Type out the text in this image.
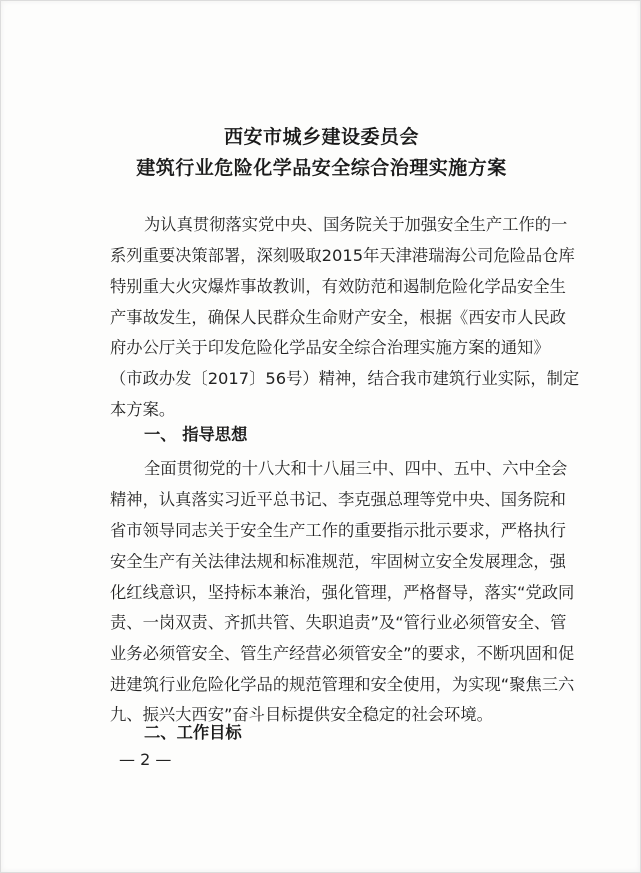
西安市城乡建设委员会
建筑行业危险化学品安全综合治理实施方案
为认真贯彻落实党中央、国务院关于加强安全生产工作的一
系列重要决策部署，深刻吸取2015年天津港瑞海公司危险品仓库
特别重大火灾爆炸事故教训，有效防范和遏制危险化学品安全生
产事故发生，确保人民群众生命财产安全，根据《西安市人民政
府办公厅关于印发危险化学品安全综合治理实施方案的通知》
（市政办发〔2017〕56号）精神，结合我市建筑行业实际，制定
本方案。
一、 指导思想
全面贯彻党的十八大和十八届三中、四中、五中、六中全会
精神，认真落实习近平总书记、李克强总理等党中央、国务院和
省市领导同志关于安全生产工作的重要指示批示要求，严格执行
安全生产有关法律法规和标准规范，牢固树立安全发展理念，强
化红线意识，坚持标本兼治，强化管理，严格督导，落实“党政同
责、一岗双责、齐抓共管、失职追责”及“管行业必须管安全、管
业务必须管安全、管生产经营必须管安全”的要求，不断巩固和促
进建筑行业危险化学品的规范管理和安全使用，为实现“聚焦三六
九、振兴大西安”奋斗目标提供安全稳定的社会环境。
二、工作目标
— 2 —
